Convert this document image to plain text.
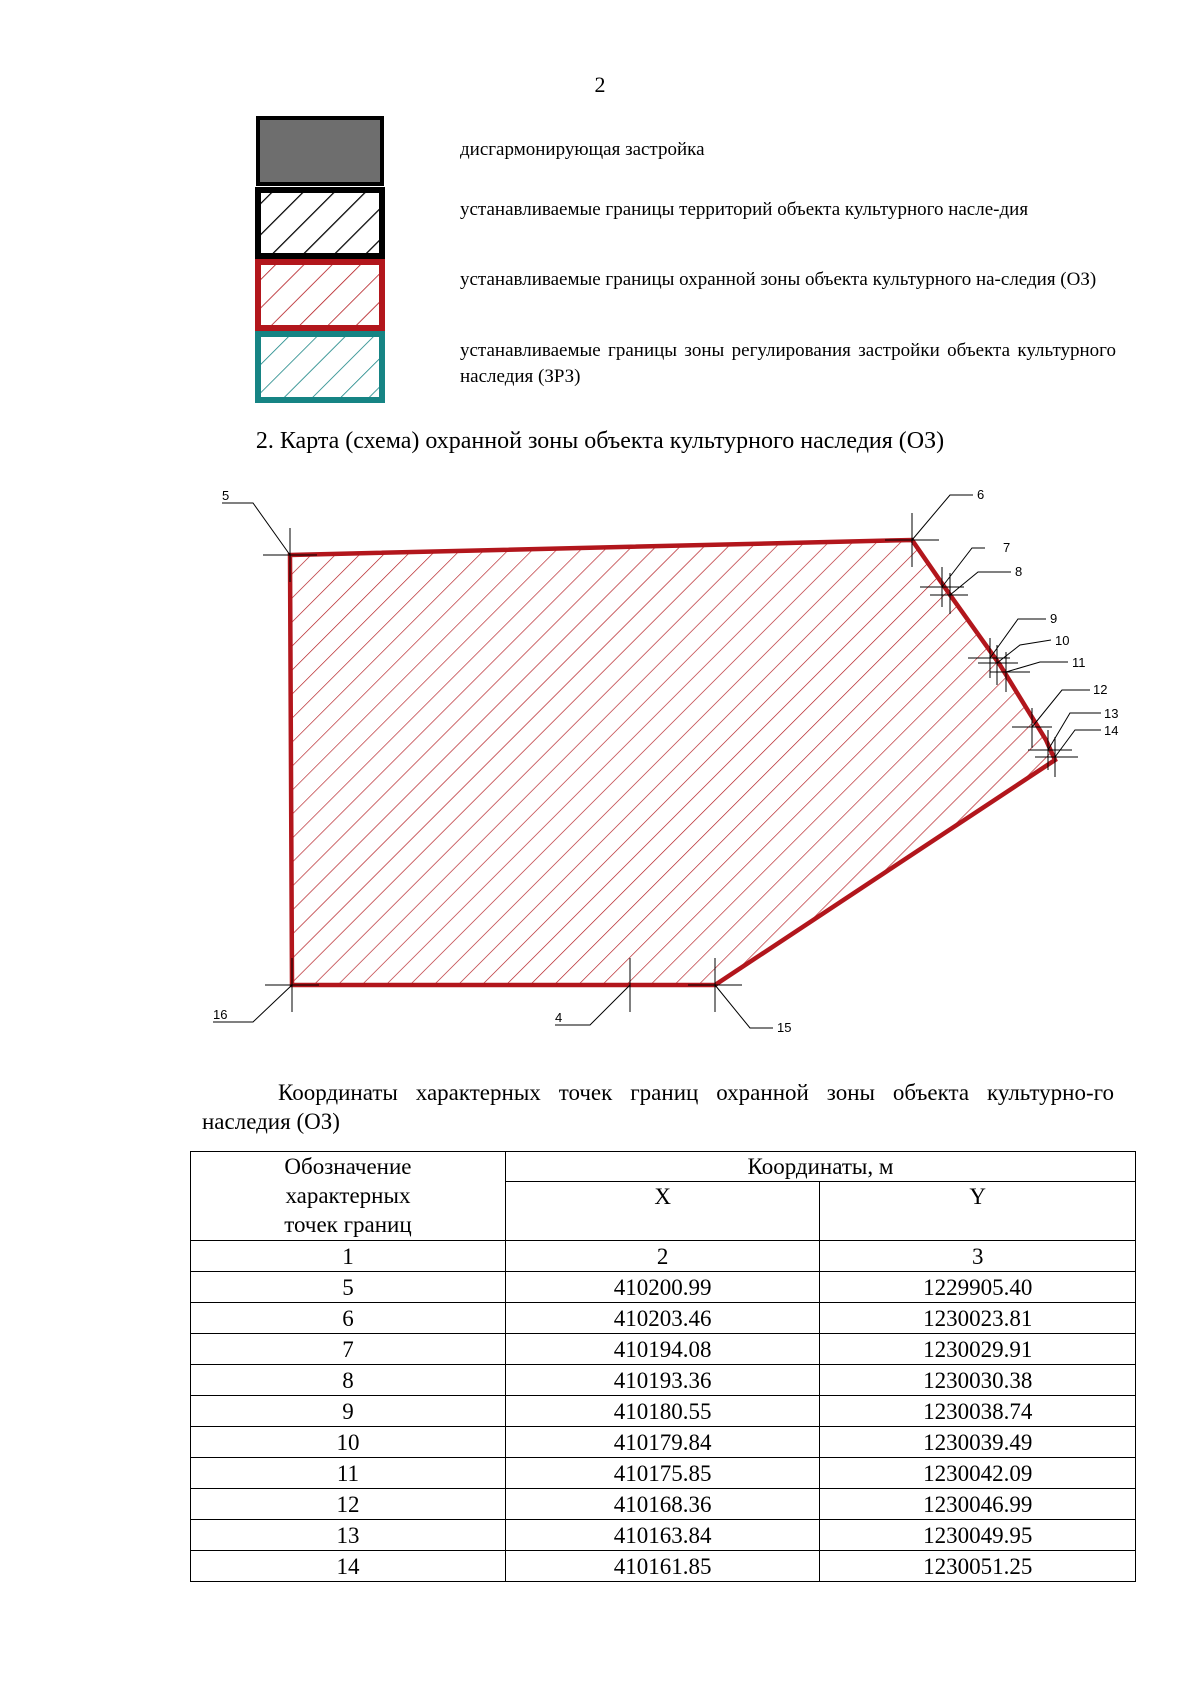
2
дисгармонирующая застройка
устанавливаемые границы территорий объекта культурного насле-дия
устанавливаемые границы охранной зоны объекта культурного на-следия (ОЗ)
устанавливаемые границы зоны регулирования застройки объекта культурного наследия (ЗРЗ)
2. Карта (схема) охранной зоны объекта культурного наследия (ОЗ)
5	6
7
8
9
10
11
12
13
14
16	4
15
Координаты характерных точек границ охранной зоны объекта культурно-го наследия (ОЗ)
Обозначение характерных точек границ	Координаты, м	
	X	Y
1	2	3
5	410200.99	1229905.40
6	410203.46	1230023.81
7	410194.08	1230029.91
8	410193.36	1230030.38
9	410180.55	1230038.74
10	410179.84	1230039.49
11	410175.85	1230042.09
12	410168.36	1230046.99
13	410163.84	1230049.95
14	410161.85	1230051.25
